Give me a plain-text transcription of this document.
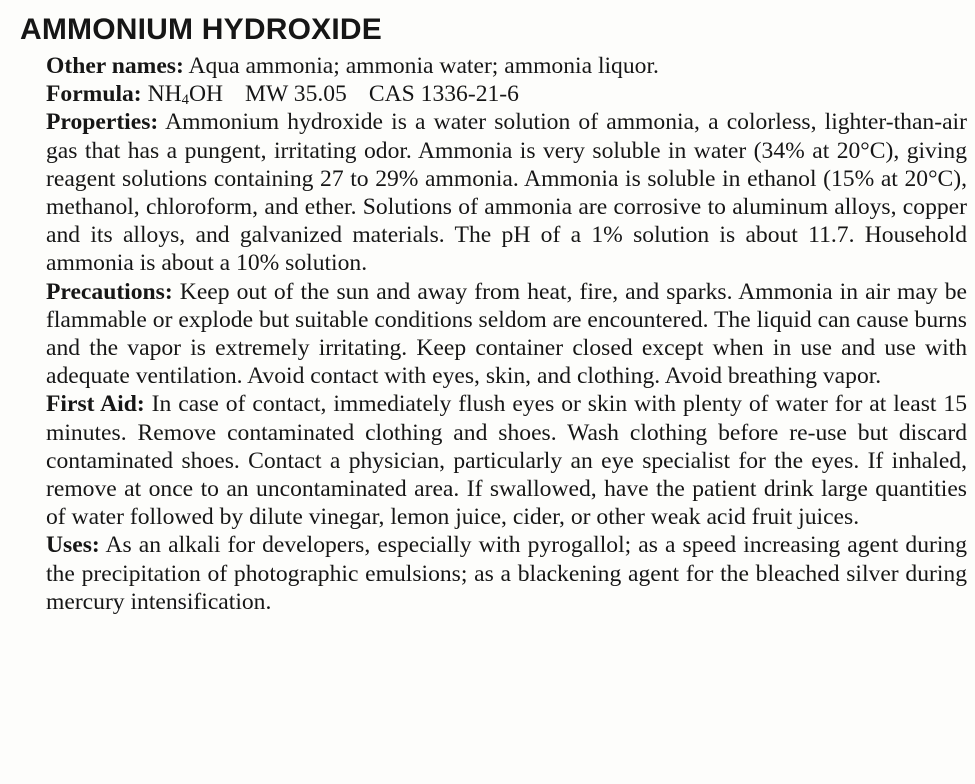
AMMONIUM HYDROXIDE
Other names: Aqua ammonia; ammonia water; ammonia liquor.
Formula: $NH_4OH$ MW 35.05 CAS 1336-21-6
Properties: Ammonium hydroxide is a water solution of ammonia, a colorless, lighter-than-air gas that has a pungent, irritating odor. Ammonia is very soluble in water (34% at 20°C), giving reagent solutions containing 27 to 29% ammonia. Ammonia is soluble in ethanol (15% at 20°C), methanol, chloroform, and ether. Solutions of ammonia are corrosive to aluminum alloys, copper and its alloys, and galvanized materials. The pH of a 1% solution is about 11.7. Household ammonia is about a 10% solution.
Precautions: Keep out of the sun and away from heat, fire, and sparks. Ammonia in air may be flammable or explode but suitable conditions seldom are encountered. The liquid can cause burns and the vapor is extremely irritating. Keep container closed except when in use and use with adequate ventilation. Avoid contact with eyes, skin, and clothing. Avoid breathing vapor.
First Aid: In case of contact, immediately flush eyes or skin with plenty of water for at least 15 minutes. Remove contaminated clothing and shoes. Wash clothing before re-use but discard contaminated shoes. Contact a physician, particularly an eye specialist for the eyes. If inhaled, remove at once to an uncontaminated area. If swallowed, have the patient drink large quantities of water followed by dilute vinegar, lemon juice, cider, or other weak acid fruit juices.
Uses: As an alkali for developers, especially with pyrogallol; as a speed increasing agent during the precipitation of photographic emulsions; as a blackening agent for the bleached silver during mercury intensification.
